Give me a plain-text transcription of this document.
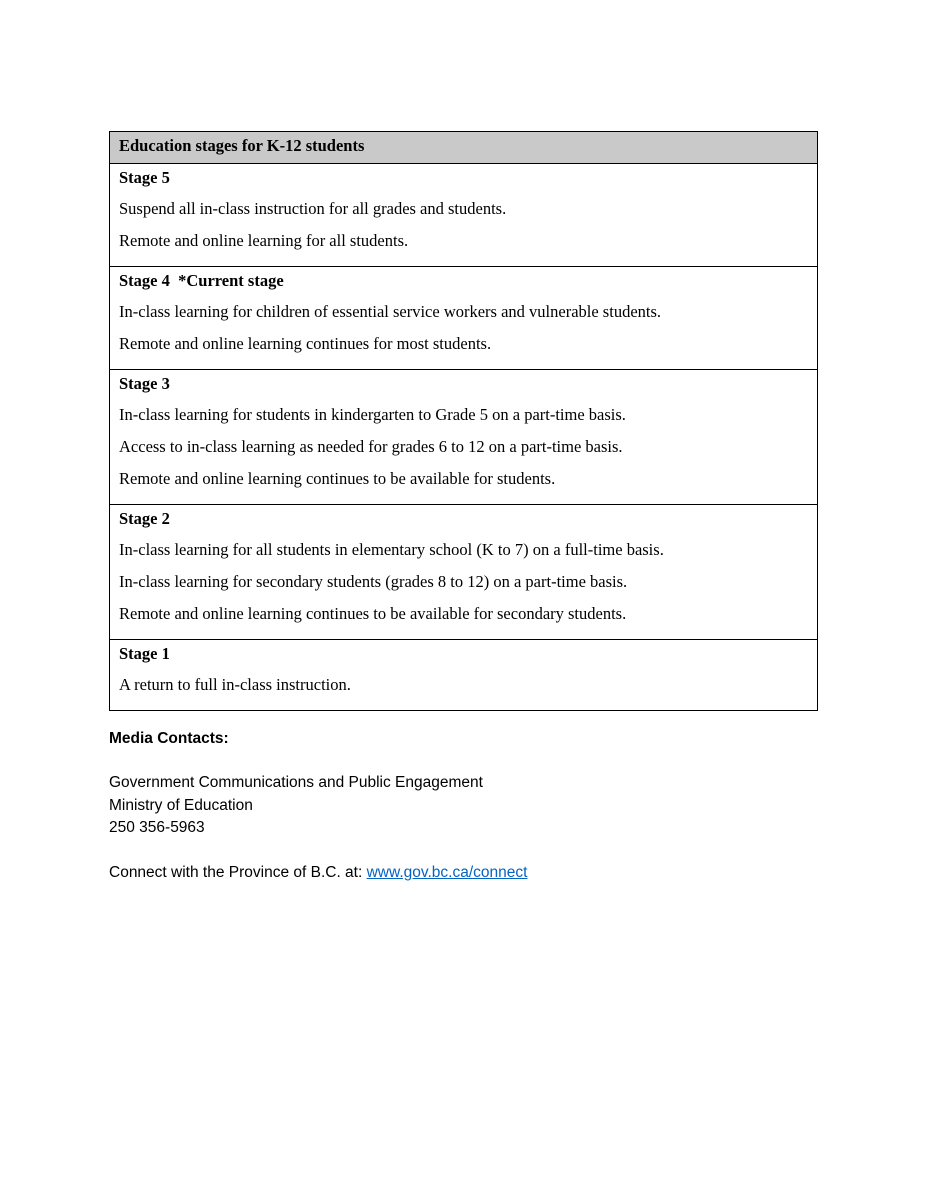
Education stages for K-12 students
Stage 5
Suspend all in-class instruction for all grades and students.
Remote and online learning for all students.
Stage 4  *Current stage
In-class learning for children of essential service workers and vulnerable students.
Remote and online learning continues for most students.
Stage 3
In-class learning for students in kindergarten to Grade 5 on a part-time basis.
Access to in-class learning as needed for grades 6 to 12 on a part-time basis.
Remote and online learning continues to be available for students.
Stage 2
In-class learning for all students in elementary school (K to 7) on a full-time basis.
In-class learning for secondary students (grades 8 to 12) on a part-time basis.
Remote and online learning continues to be available for secondary students.
Stage 1
A return to full in-class instruction.
Media Contacts:
Government Communications and Public Engagement
Ministry of Education
250 356-5963
Connect with the Province of B.C. at: www.gov.bc.ca/connect
